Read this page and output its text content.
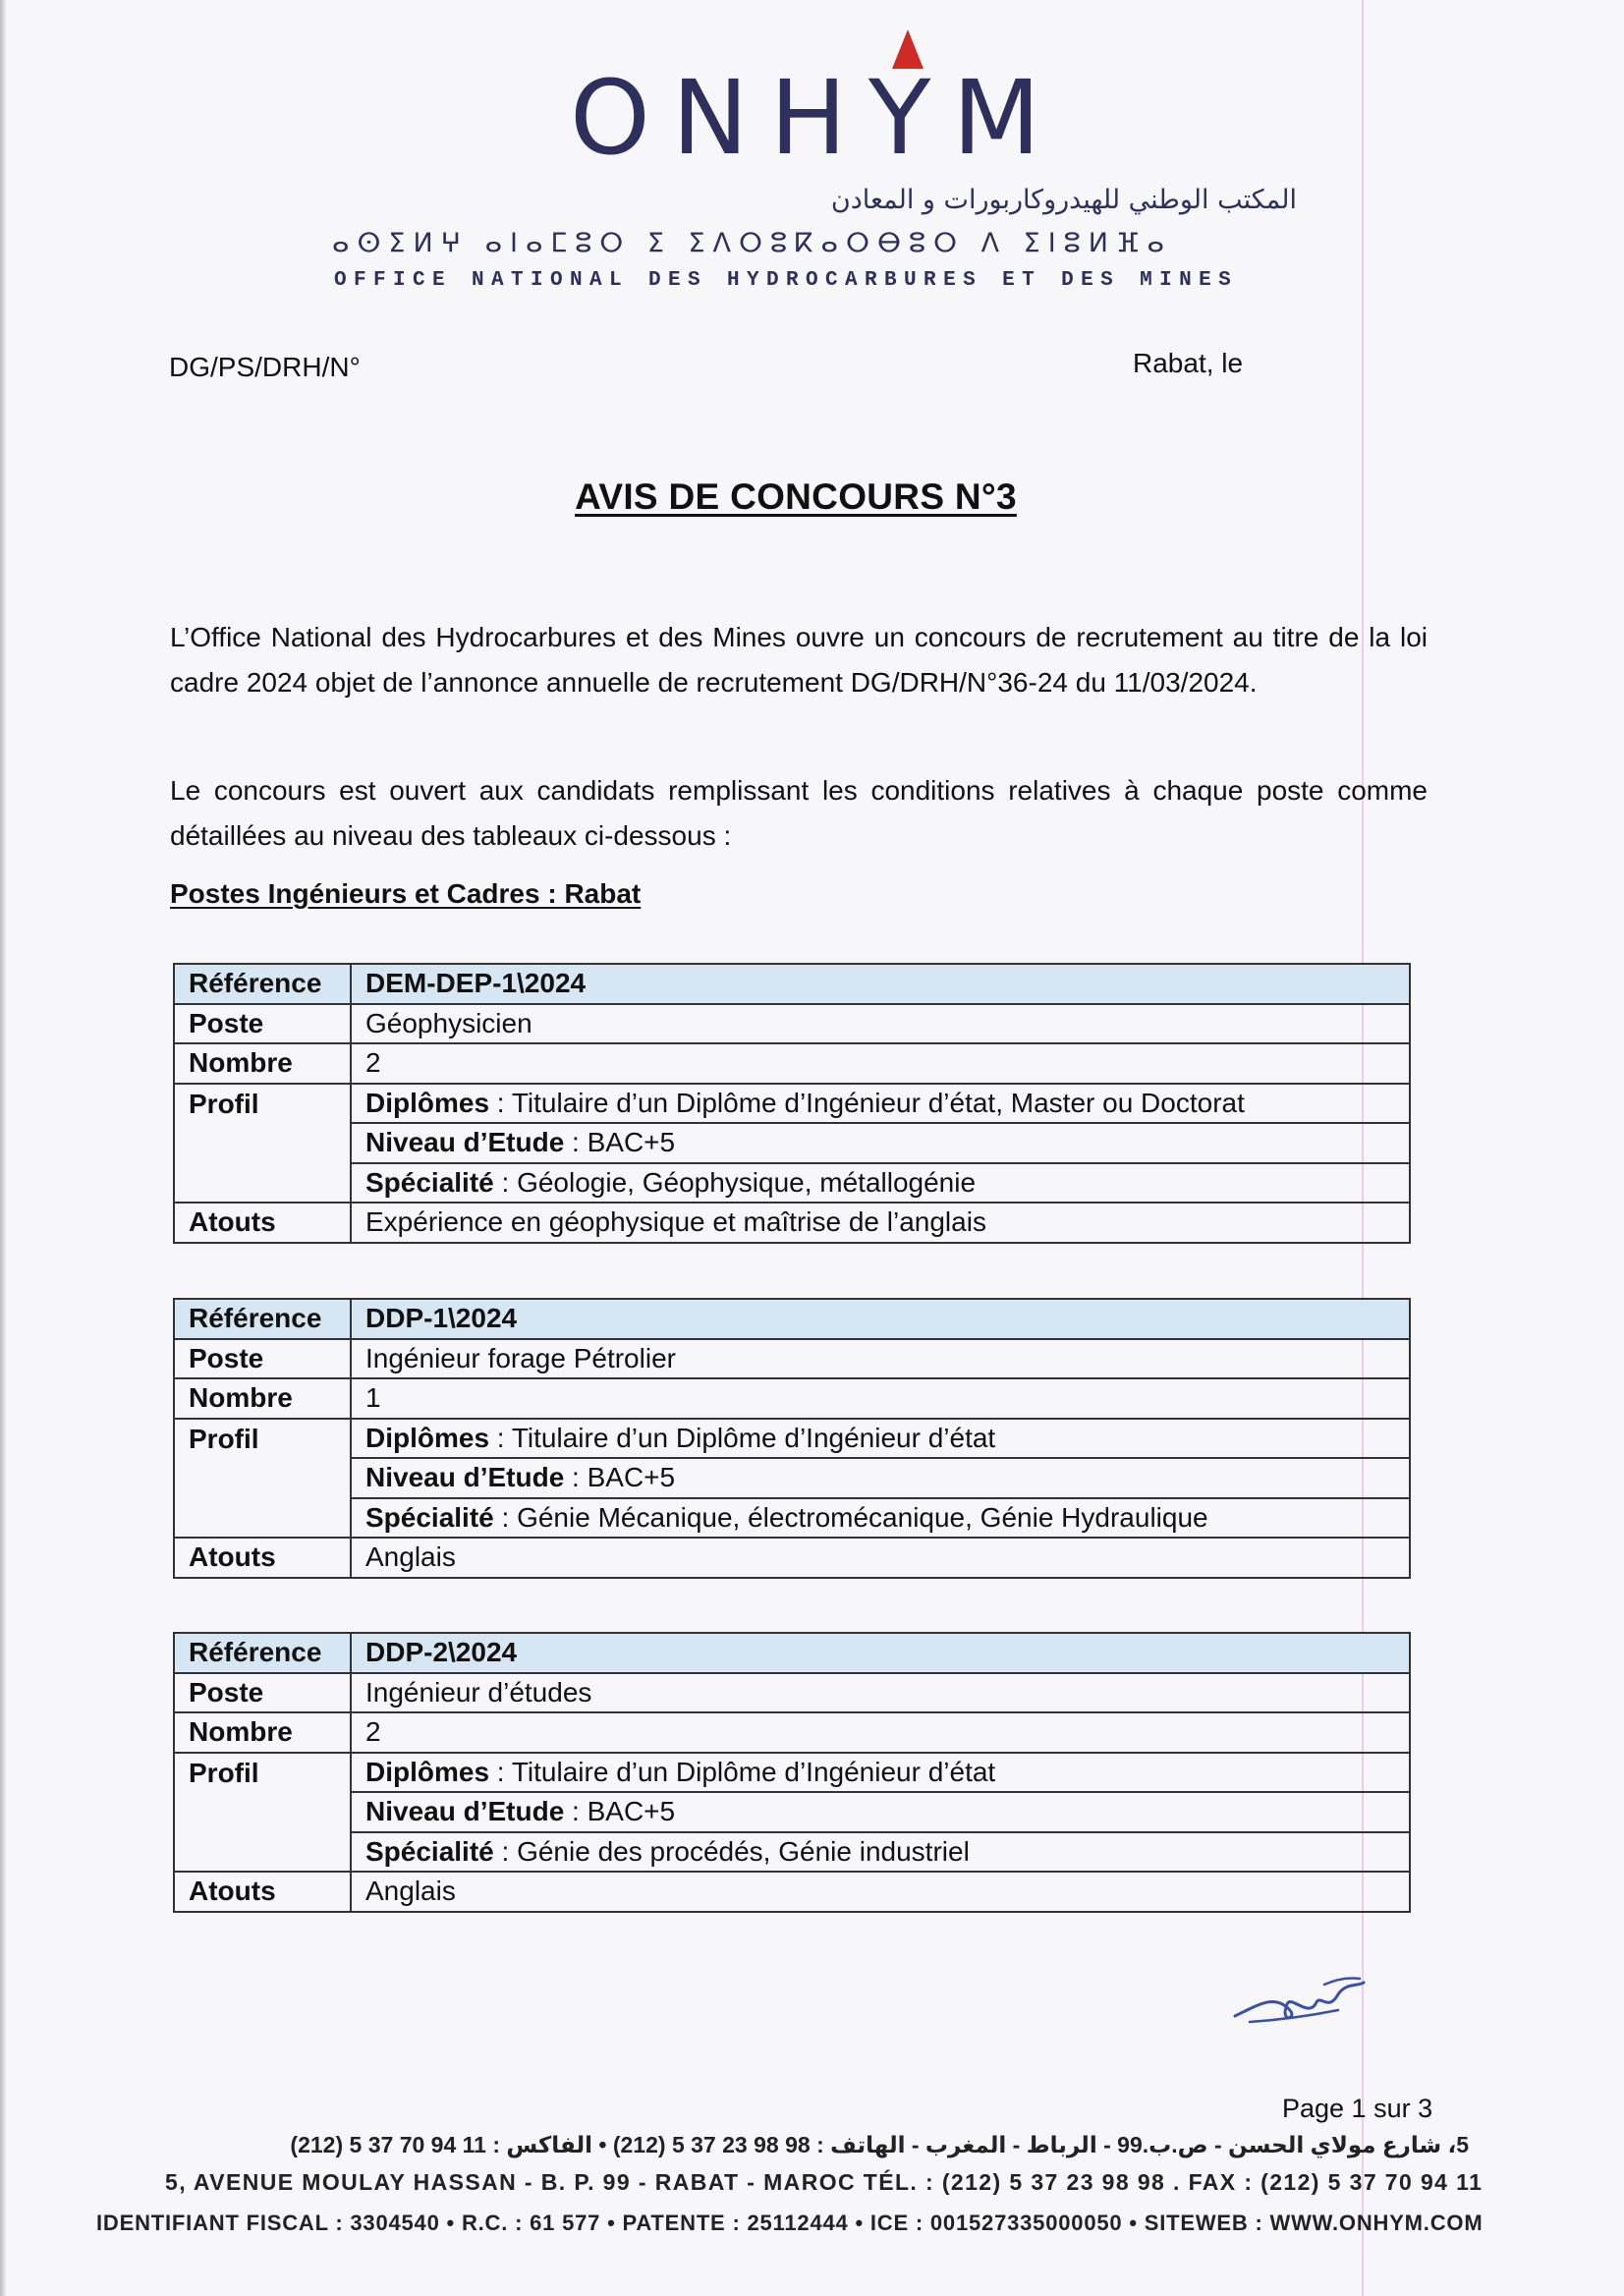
ONHYM
المكتب الوطني للهيدروكاربورات و المعادن
ⴰⵙⵉⵍⵖ ⴰⵏⴰⵎⵓⵔ ⵉ ⵉⴷⵔⵓⴽⴰⵔⴱⵓⵔ ⴷ ⵉⵏⵓⵍⴼⴰ
OFFICE NATIONAL DES HYDROCARBURES ET DES MINES
DG/PS/DRH/N°	Rabat, le
AVIS DE CONCOURS N°3
L’Office National des Hydrocarbures et des Mines ouvre un concours de recrutement au titre de la loi cadre 2024 objet de l’annonce annuelle de recrutement DG/DRH/N°36-24 du 11/03/2024.
Le concours est ouvert aux candidats remplissant les conditions relatives à chaque poste comme détaillées au niveau des tableaux ci-dessous :
Postes Ingénieurs et Cadres : Rabat
Référence	DEM-DEP-1\2024
Poste	Géophysicien
Nombre	2
Profil	Diplômes : Titulaire d’un Diplôme d’Ingénieur d’état, Master ou Doctorat
	Niveau d’Etude : BAC+5
	Spécialité : Géologie, Géophysique, métallogénie
Atouts	Expérience en géophysique et maîtrise de l’anglais
Référence	DDP-1\2024
Poste	Ingénieur forage Pétrolier
Nombre	1
Profil	Diplômes : Titulaire d’un Diplôme d’Ingénieur d’état
	Niveau d’Etude : BAC+5
	Spécialité : Génie Mécanique, électromécanique, Génie Hydraulique
Atouts	Anglais
Référence	DDP-2\2024
Poste	Ingénieur d’études
Nombre	2
Profil	Diplômes : Titulaire d’un Diplôme d’Ingénieur d’état
	Niveau d’Etude : BAC+5
	Spécialité : Génie des procédés, Génie industriel
Atouts	Anglais
Page 1 sur 3
5، شارع مولاي الحسن - ص.ب.99 - الرباط - المغرب - الهاتف : 98 98 23 37 5 (212) • الفاكس : 11 94 70 37 5 (212)
5, AVENUE MOULAY HASSAN - B. P. 99 - RABAT - MAROC TÉL. : (212) 5 37 23 98 98 . FAX : (212) 5 37 70 94 11
IDENTIFIANT FISCAL : 3304540 • R.C. : 61 577 • PATENTE : 25112444 • ICE : 001527335000050 • SITEWEB : WWW.ONHYM.COM
